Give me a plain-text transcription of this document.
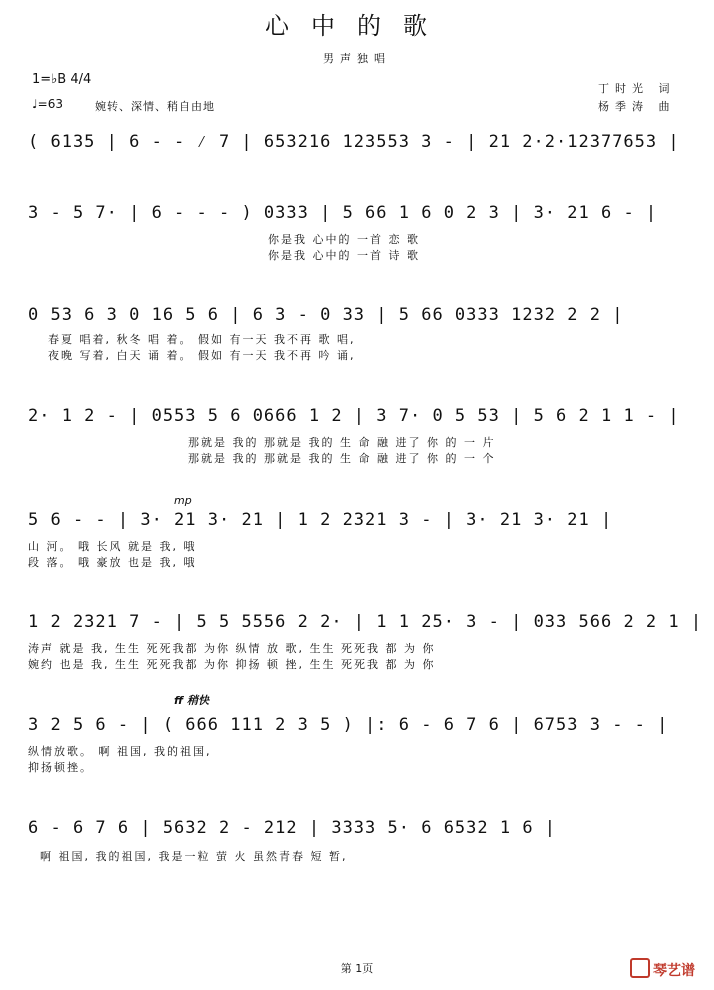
心中的歌
男声独唱
1=♭B 4/4
♩=63	婉转、深情、稍自由地
丁时光 词
杨季涛 曲
( 6135 | 6 - - ⁄ 7 | 653216 123553 3 - | 21 2·2·12377653 |
3 - 5 7· | 6 - - - ) 0333 | 5 66 1 6 0 2 3 | 3· 21 6 - |
你是我 心中的 一首 恋 歌
你是我 心中的 一首 诗 歌
0 53 6 3 0 16 5 6 | 6 3 - 0 33 | 5 66 0333 1232 2 2 |
春夏 唱着, 秋冬 唱 着。 假如 有一天 我不再 歌 唱,
夜晚 写着, 白天 诵 着。 假如 有一天 我不再 吟 诵,
2· 1 2 - | 0553 5 6 0666 1 2 | 3 7· 0 5 53 | 5 6 2 1 1 - |
那就是 我的 那就是 我的 生 命 融 进了 你 的 一 片
那就是 我的 那就是 我的 生 命 融 进了 你 的 一 个
mp
5 6 - - | 3· 21 3· 21 | 1 2 2321 3 - | 3· 21 3· 21 |
山 河。 哦 长风 就是 我, 哦
段 落。 哦 豪放 也是 我, 哦
1 2 2321 7 - | 5 5 5556 2 2· | 1 1 25· 3 - | 033 566 2 2 1 |
涛声 就是 我, 生生 死死我都 为你 纵情 放 歌, 生生 死死我 都 为 你
婉约 也是 我, 生生 死死我都 为你 抑扬 顿 挫, 生生 死死我 都 为 你
ff 稍快
3 2 5 6 - | ( 666 111 2 3 5 ) |: 6 - 6 7 6 | 6753 3 - - |
纵情放歌。 啊 祖国, 我的祖国,
抑扬顿挫。
6 - 6 7 6 | 5632 2 - 212 | 3333 5· 6 6532 1 6 |
啊 祖国, 我的祖国, 我是一粒 萤 火 虽然青春 短 暂,
第 1页	琴艺谱
